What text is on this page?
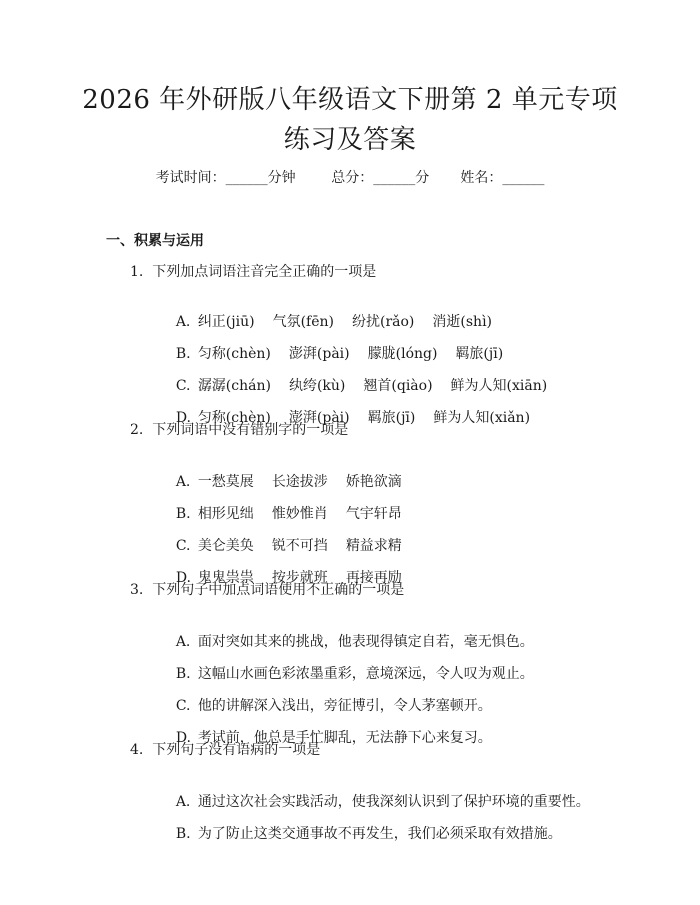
2026 年外研版八年级语文下册第 2 单元专项
练习及答案
考试时间：______分钟	总分：______分 姓名：______
一、积累与运用
1.  下列加点词语注音完全正确的一项是

A. 纠正(jiū) 气氛(fēn) 纷扰(rǎo) 消逝(shì)

B. 匀称(chèn) 澎湃(pài) 朦胧(lóng) 羁旅(jī)

C. 潺潺(chán) 纨绔(kù) 翘首(qiào) 鲜为人知(xiān)

D. 匀称(chèn) 澎湃(pài) 羁旅(jī) 鲜为人知(xiǎn)

2.  下列词语中没有错别字的一项是

A. 一愁莫展 长途拔涉 娇艳欲滴

B. 相形见绌 惟妙惟肖 气宇轩昂

C. 美仑美奂 锐不可挡 精益求精

D. 鬼鬼祟祟 按步就班 再接再励

3.  下列句子中加点词语使用不正确的一项是

A. 面对突如其来的挑战，他表现得镇定自若，毫无惧色。

B. 这幅山水画色彩浓墨重彩，意境深远，令人叹为观止。

C. 他的讲解深入浅出，旁征博引，令人茅塞顿开。

D. 考试前，他总是手忙脚乱，无法静下心来复习。

4.  下列句子没有语病的一项是

A. 通过这次社会实践活动，使我深刻认识到了保护环境的重要性。

B. 为了防止这类交通事故不再发生，我们必须采取有效措施。
